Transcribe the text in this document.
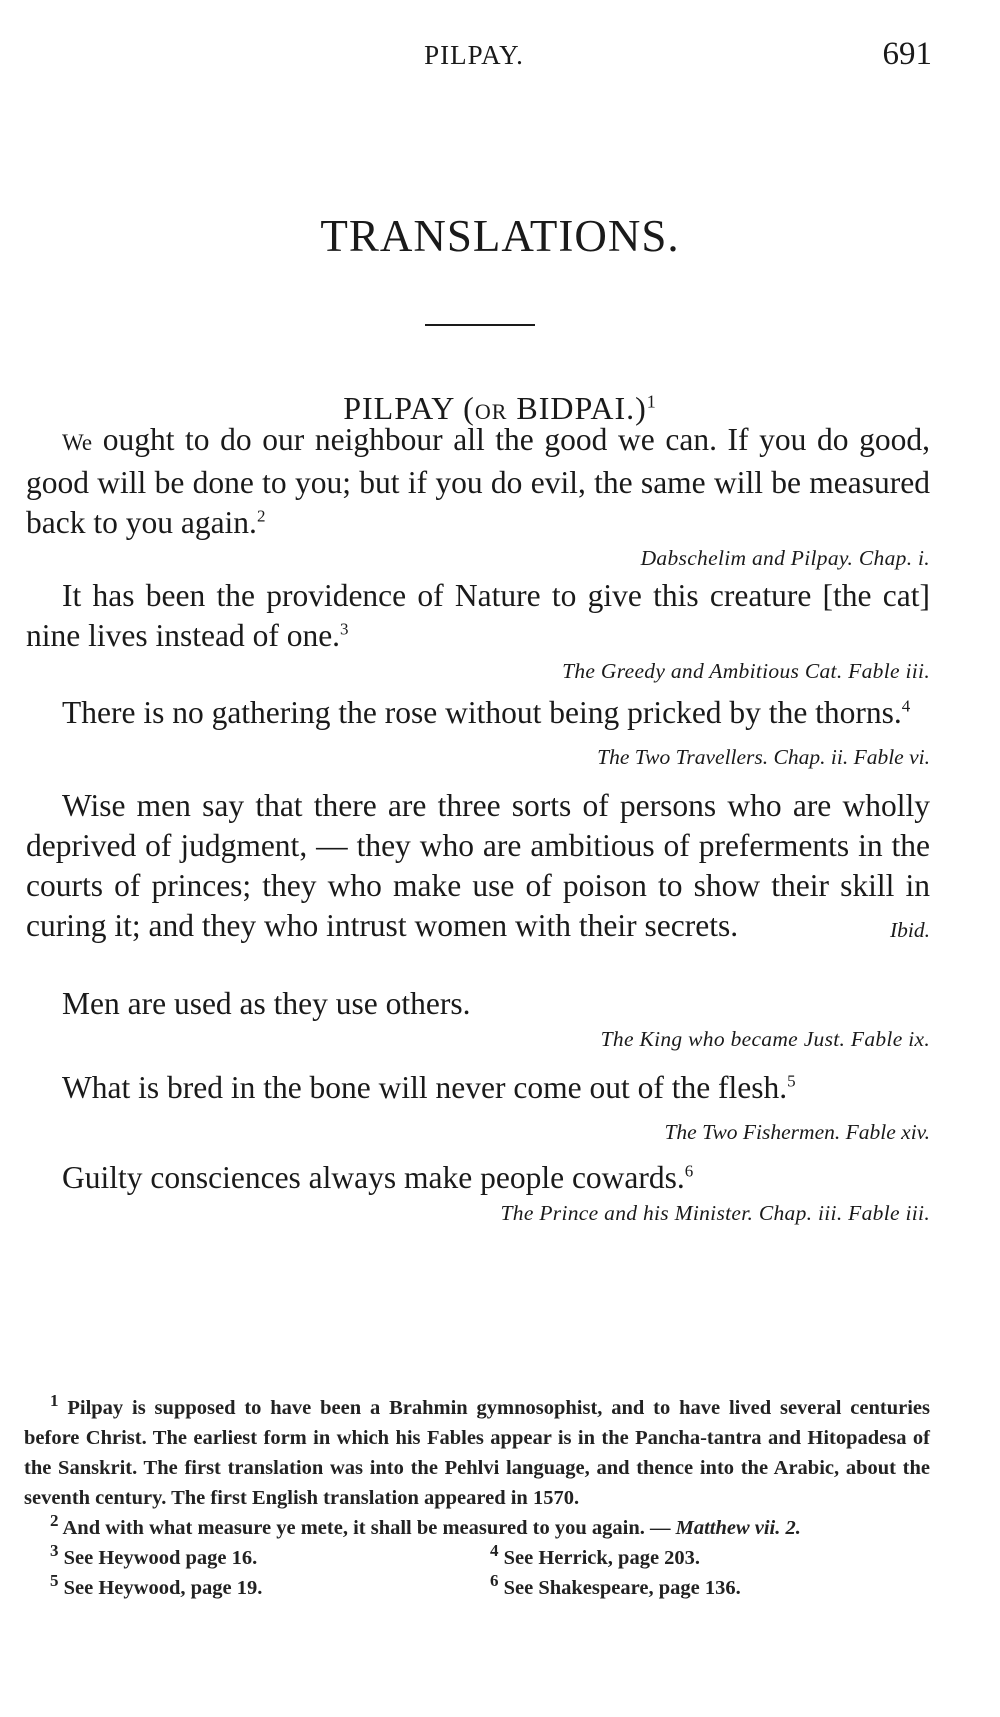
PILPAY.	691
TRANSLATIONS.
PILPAY (OR BIDPAI.)$^1$

We ought to do our neighbour all the good we can. If you do good, good will be done to you; but if you do evil, the same will be measured back to you again.$^2$

Dabschelim and Pilpay. Chap. i.

It has been the providence of Nature to give this creature [the cat] nine lives instead of one.$^3$

The Greedy and Ambitious Cat. Fable iii.

There is no gathering the rose without being pricked by the thorns.$^4$
The Two Travellers. Chap. ii. Fable vi.

Wise men say that there are three sorts of persons who are wholly deprived of judgment, — they who are ambitious of preferments in the courts of princes; they who make use of poison to show their skill in curing it; and they who intrust women with their secrets.	Ibid.

Men are used as they use others.

The King who became Just. Fable ix.

What is bred in the bone will never come out of the flesh.$^5$
The Two Fishermen. Fable xiv.

Guilty consciences always make people cowards.$^6$

The Prince and his Minister. Chap. iii. Fable iii.

$^1$ Pilpay is supposed to have been a Brahmin gymnosophist, and to have lived several centuries before Christ. The earliest form in which his Fables appear is in the Pancha-tantra and Hitopadesa of the Sanskrit. The first translation was into the Pehlvi language, and thence into the Arabic, about the seventh century. The first English translation appeared in 1570.

$^2$ And with what measure ye mete, it shall be measured to you again. — Matthew vii. 2.

$^3$ See Heywood page 16.	$^4$ See Herrick, page 203.
$^5$ See Heywood, page 19.	$^6$ See Shakespeare, page 136.
